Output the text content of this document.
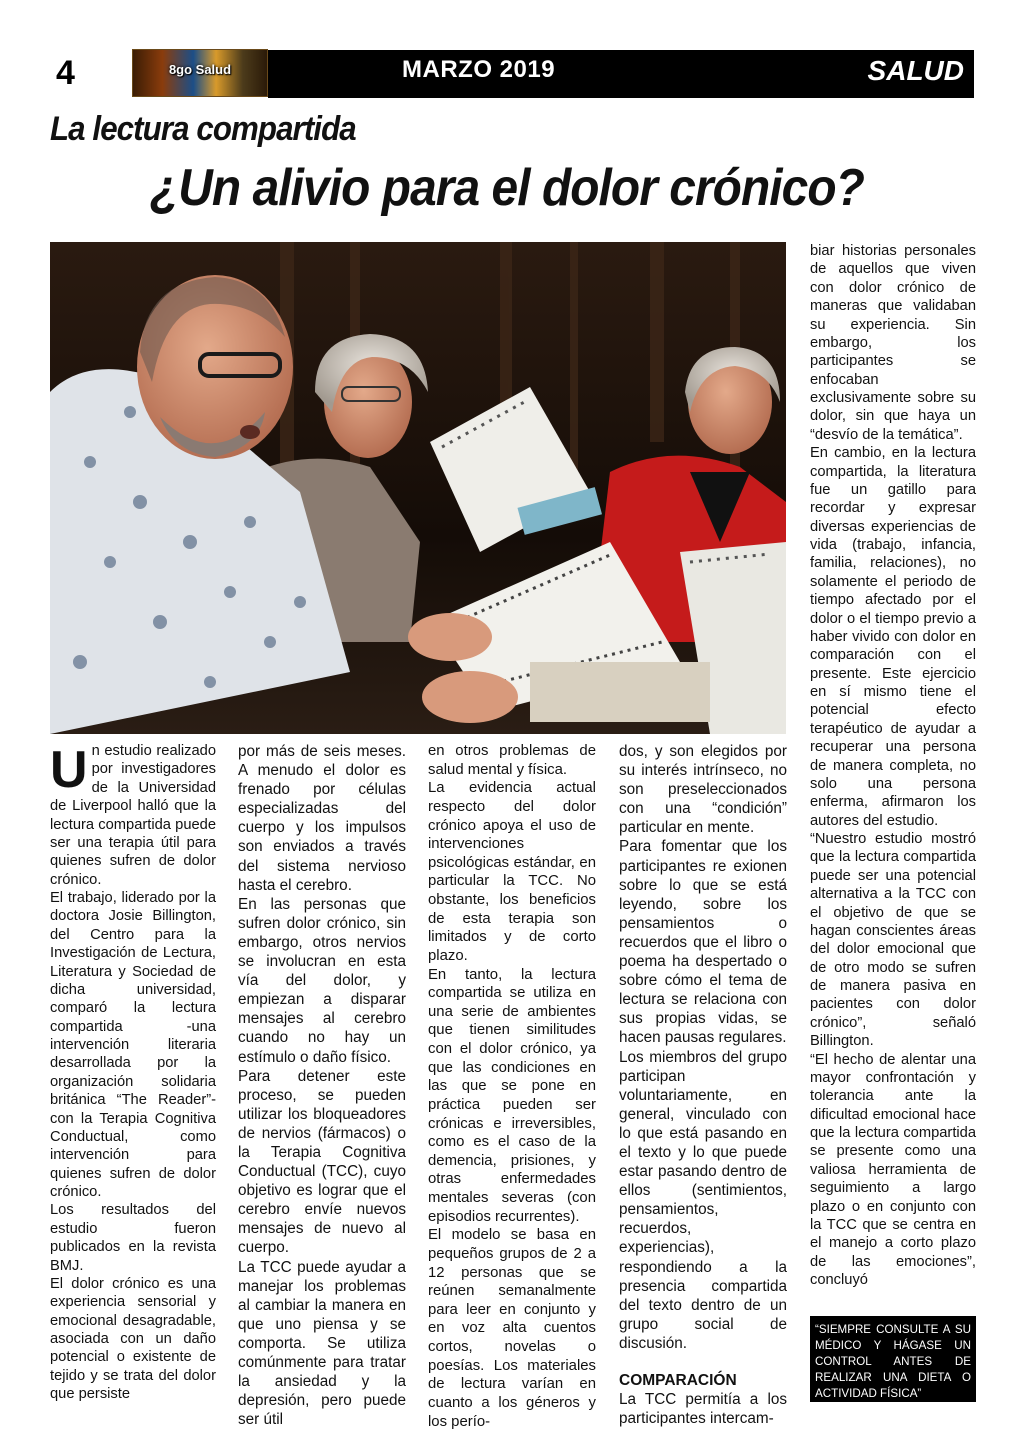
4	8go Salud	MARZO 2019	SALUD
La lectura compartida
¿Un alivio para el dolor crónico?

Un estudio realizado por investigadores de la Universidad de Liverpool halló que la lectura compartida puede ser una terapia útil para quienes sufren de dolor crónico.

El trabajo, liderado por la doctora Josie Billington, del Centro para la Investigación de Lectura, Literatura y Sociedad de dicha universidad, comparó la lectura compartida -una intervención literaria desarrollada por la organización solidaria británica “The Reader”- con la Terapia Cognitiva Conductual, como intervención para quienes sufren de dolor crónico.

Los resultados del estudio fueron publicados en la revista BMJ.

El dolor crónico es una experiencia sensorial y emocional desagradable, asociada con un daño potencial o existente de tejido y se trata del dolor que persiste

por más de seis meses. A menudo el dolor es frenado por células especializadas del cuerpo y los impulsos son enviados a través del sistema nervioso hasta el cerebro.

En las personas que sufren dolor crónico, sin embargo, otros nervios se involucran en esta vía del dolor, y empiezan a disparar mensajes al cerebro cuando no hay un estímulo o daño físico.

Para detener este proceso, se pueden utilizar los bloqueadores de nervios (fármacos) o la Terapia Cognitiva Conductual (TCC), cuyo objetivo es lograr que el cerebro envíe nuevos mensajes de nuevo al cuerpo.

La TCC puede ayudar a manejar los problemas al cambiar la manera en que uno piensa y se comporta. Se utiliza comúnmente para tratar la ansiedad y la depresión, pero puede ser útil

en otros problemas de salud mental y física.

La evidencia actual respecto del dolor crónico apoya el uso de intervenciones psicológicas estándar, en particular la TCC. No obstante, los beneficios de esta terapia son limitados y de corto plazo.

En tanto, la lectura compartida se utiliza en una serie de ambientes que tienen similitudes con el dolor crónico, ya que las condiciones en las que se pone en práctica pueden ser crónicas e irreversibles, como es el caso de la demencia, prisiones, y otras enfermedades mentales severas (con episodios recurrentes).

El modelo se basa en pequeños grupos de 2 a 12 personas que se reúnen semanalmente para leer en conjunto y en voz alta cuentos cortos, novelas o poesías. Los materiales de lectura varían en cuanto a los géneros y los perío-

dos, y son elegidos por su interés intrínseco, no son preseleccionados con una “condición” particular en mente.

Para fomentar que los participantes re exionen sobre lo que se está leyendo, sobre los pensamientos o recuerdos que el libro o poema ha despertado o sobre cómo el tema de lectura se relaciona con sus propias vidas, se hacen pausas regulares.

Los miembros del grupo participan voluntariamente, en general, vinculado con lo que está pasando en el texto y lo que puede estar pasando dentro de ellos (sentimientos, pensamientos, recuerdos, experiencias), respondiendo a la presencia compartida del texto dentro de un grupo social de discusión.

COMPARACIÓN

La TCC permitía a los participantes intercam-

biar historias personales de aquellos que viven con dolor crónico de maneras que validaban su experiencia. Sin embargo, los participantes se enfocaban exclusivamente sobre su dolor, sin que haya un “desvío de la temática”.

En cambio, en la lectura compartida, la literatura fue un gatillo para recordar y expresar diversas experiencias de vida (trabajo, infancia, familia, relaciones), no solamente el periodo de tiempo afectado por el dolor o el tiempo previo a haber vivido con dolor en comparación con el presente. Este ejercicio en sí mismo tiene el potencial efecto terapéutico de ayudar a recuperar una persona de manera completa, no solo una persona enferma, afirmaron los autores del estudio.

“Nuestro estudio mostró que la lectura compartida puede ser una potencial alternativa a la TCC con el objetivo de que se hagan conscientes áreas del dolor emocional que de otro modo se sufren de manera pasiva en pacientes con dolor crónico”, señaló Billington.

“El hecho de alentar una mayor confrontación y tolerancia ante la dificultad emocional hace que la lectura compartida se presente como una valiosa herramienta de seguimiento a largo plazo o en conjunto con la TCC que se centra en el manejo a corto plazo de las emociones”, concluyó

“SIEMPRE CONSULTE A SU MÉDICO Y HÁGASE UN CONTROL ANTES DE REALIZAR UNA DIETA O ACTIVIDAD FÍSICA”
